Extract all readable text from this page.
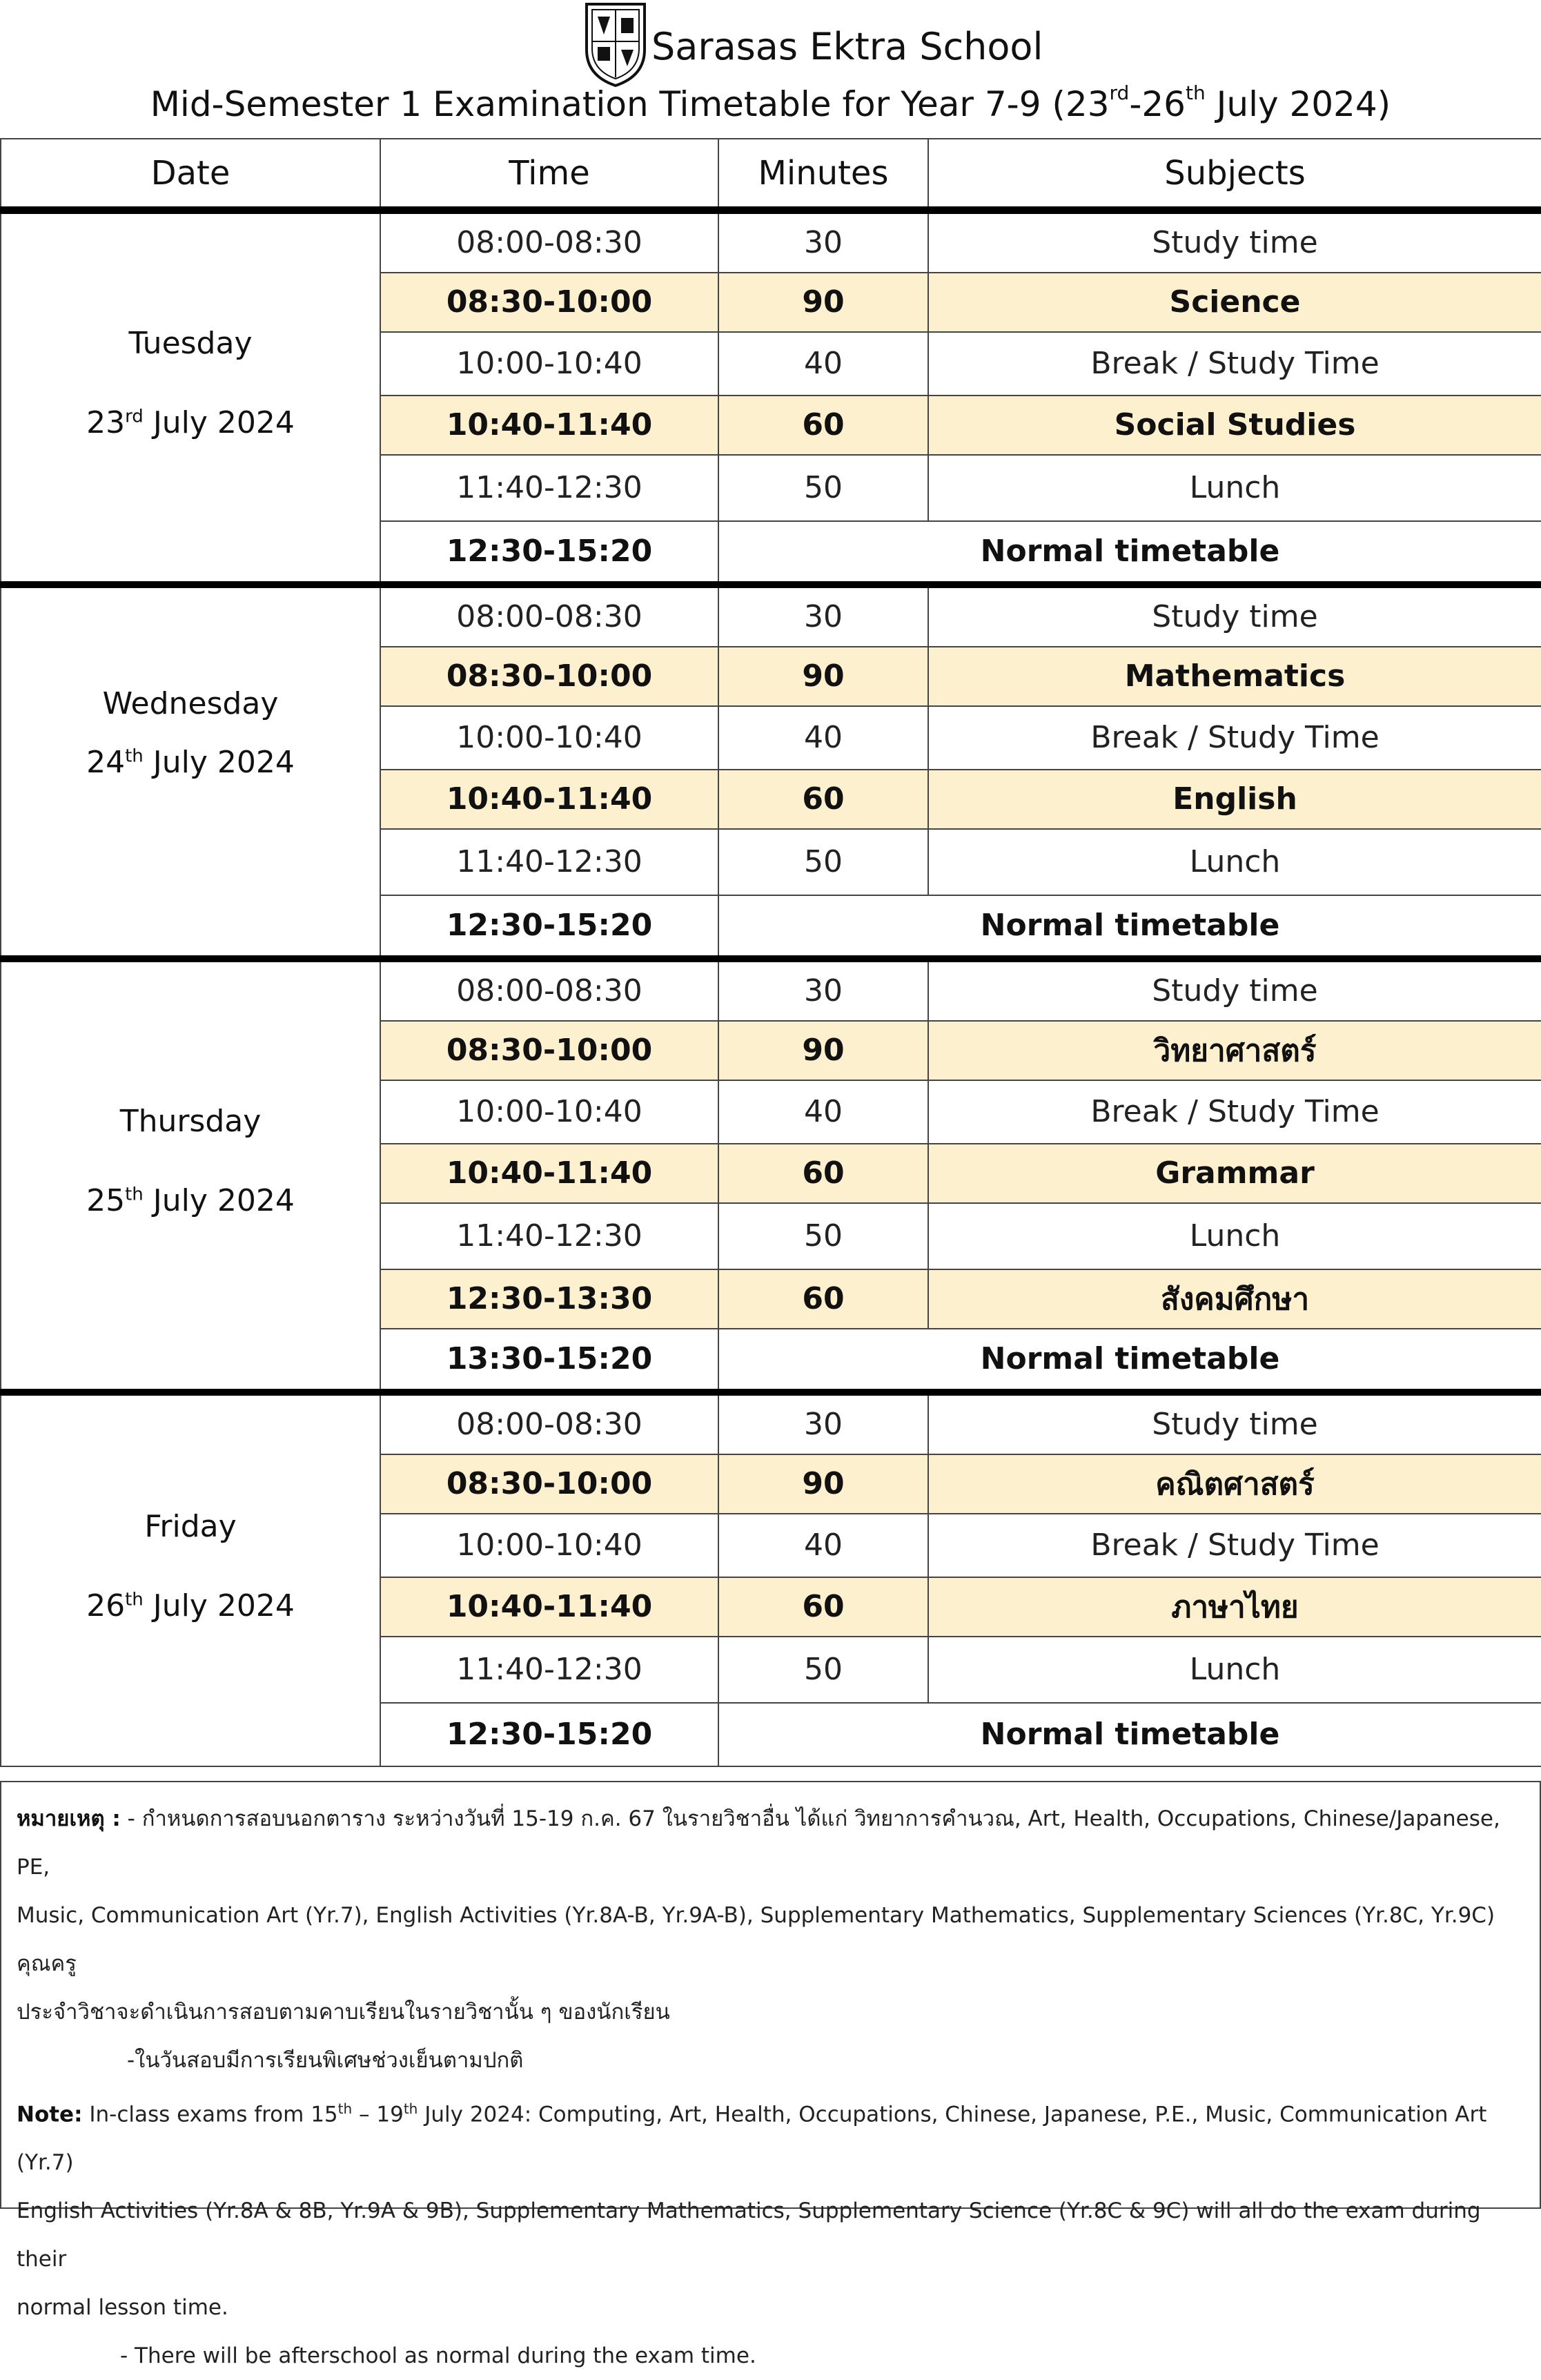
Sarasas Ektra School
Mid-Semester 1 Examination Timetable for Year 7-9 (23rd-26th July 2024)
Date	Time	Minutes	Subjects

Tuesday
23rd July 2024	08:00-08:30	30	Study time
	08:30-10:00	90	Science
	10:00-10:40	40	Break / Study Time
	10:40-11:40	60	Social Studies
	11:40-12:30	50	Lunch
	12:30-15:20	Normal timetable	

Wednesday
24th July 2024	08:00-08:30	30	Study time
	08:30-10:00	90	Mathematics
	10:00-10:40	40	Break / Study Time
	10:40-11:40	60	English
	11:40-12:30	50	Lunch
	12:30-15:20	Normal timetable	

Thursday
25th July 2024	08:00-08:30	30	Study time
	08:30-10:00	90	วิทยาศาสตร์
	10:00-10:40	40	Break / Study Time
	10:40-11:40	60	Grammar
	11:40-12:30	50	Lunch
	12:30-13:30	60	สังคมศึกษา
	13:30-15:20	Normal timetable	

Friday
26th July 2024	08:00-08:30	30	Study time
	08:30-10:00	90	คณิตศาสตร์
	10:00-10:40	40	Break / Study Time
	10:40-11:40	60	ภาษาไทย
	11:40-12:30	50	Lunch
	12:30-15:20	Normal timetable	

หมายเหตุ : - กำหนดการสอบนอกตาราง ระหว่างวันที่ 15-19 ก.ค. 67 ในรายวิชาอื่น ได้แก่ วิทยาการคำนวณ, Art, Health, Occupations, Chinese/Japanese, PE,

Music, Communication Art (Yr.7), English Activities (Yr.8A-B, Yr.9A-B), Supplementary Mathematics, Supplementary Sciences (Yr.8C, Yr.9C) คุณครู

ประจำวิชาจะดำเนินการสอบตามคาบเรียนในรายวิชานั้น ๆ ของนักเรียน

-ในวันสอบมีการเรียนพิเศษช่วงเย็นตามปกติ

Note: In-class exams from 15th – 19th July 2024: Computing, Art, Health, Occupations, Chinese, Japanese, P.E., Music, Communication Art (Yr.7)

English Activities (Yr.8A & 8B, Yr.9A & 9B), Supplementary Mathematics, Supplementary Science (Yr.8C & 9C) will all do the exam during their

normal lesson time.

- There will be afterschool as normal during the exam time.
